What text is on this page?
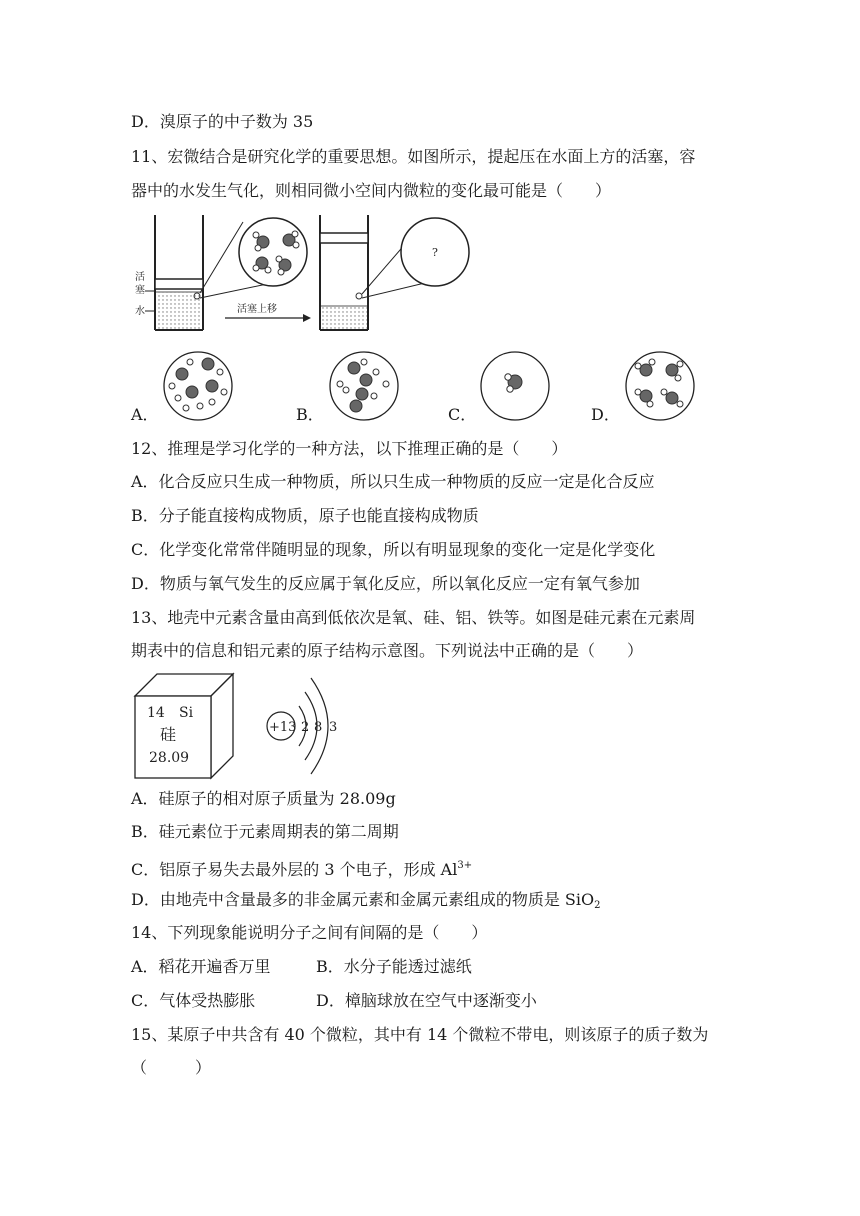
D．溴原子的中子数为 35
11、宏微结合是研究化学的重要思想。如图所示，提起压在水面上方的活塞，容
器中的水发生气化，则相同微小空间内微粒的变化最可能是（　　）
活
塞
水	活塞上移
?
A．	B．	C．	D．
12、推理是学习化学的一种方法，以下推理正确的是（　　）
A．化合反应只生成一种物质，所以只生成一种物质的反应一定是化合反应
B．分子能直接构成物质，原子也能直接构成物质
C．化学变化常常伴随明显的现象，所以有明显现象的变化一定是化学变化
D．物质与氧气发生的反应属于氧化反应，所以氧化反应一定有氧气参加
13、地壳中元素含量由高到低依次是氧、硅、铝、铁等。如图是硅元素在元素周
期表中的信息和铝元素的原子结构示意图。下列说法中正确的是（　　）
14 Si
硅
28.09
+13 2 8 3
A．硅原子的相对原子质量为 28.09g
B．硅元素位于元素周期表的第二周期
C．铝原子易失去最外层的 3 个电子，形成 $Al^{3+}$
D．由地壳中含量最多的非金属元素和金属元素组成的物质是 SiO$_2$
14、下列现象能说明分子之间有间隔的是（　　）
A．稻花开遍香万里	B．水分子能透过滤纸
C．气体受热膨胀	D．樟脑球放在空气中逐渐变小
15、某原子中共含有 40 个微粒，其中有 14 个微粒不带电，则该原子的质子数为
（　　　）
